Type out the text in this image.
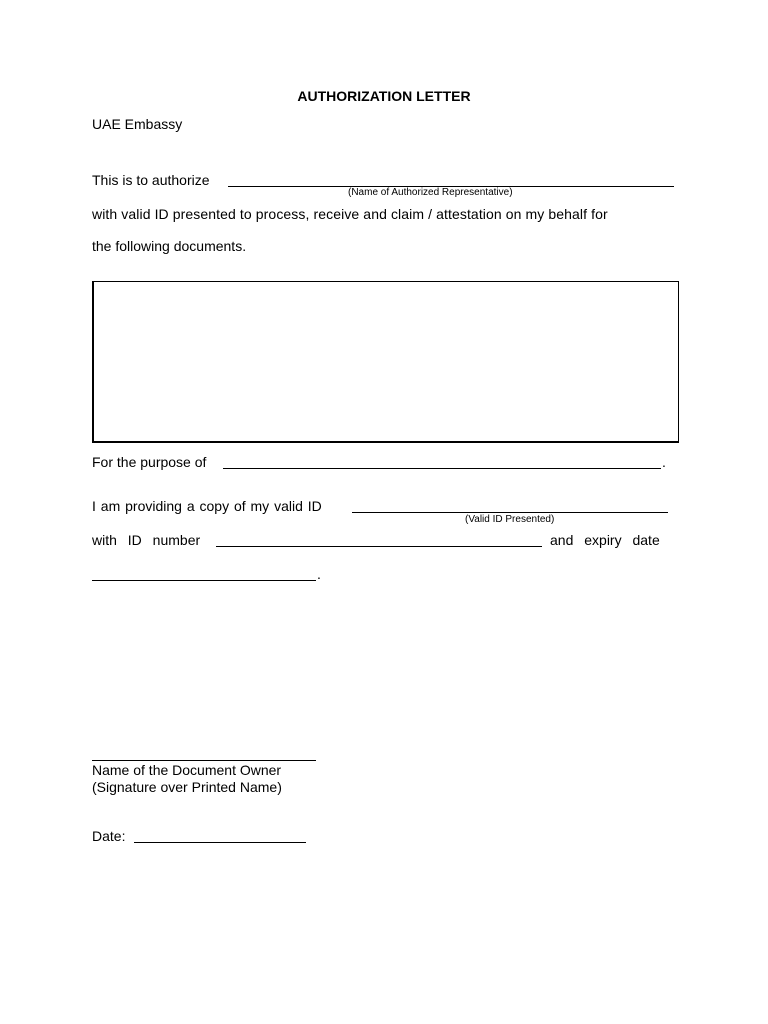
AUTHORIZATION LETTER
UAE Embassy
This is to authorize
(Name of Authorized Representative)
with valid ID presented to process, receive and claim / attestation on my behalf for
the following documents.
For the purpose of	.
I am providing a copy of my valid ID
(Valid ID Presented)
with ID number	and expiry date
.
Name of the Document Owner
(Signature over Printed Name)
Date:
